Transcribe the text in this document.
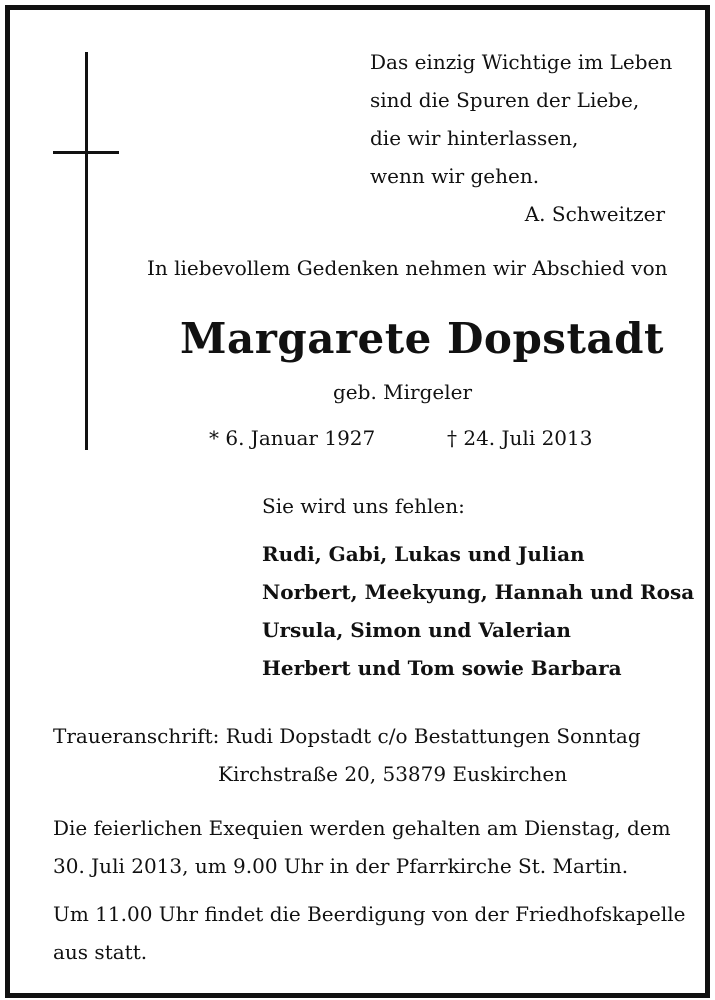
Das einzig Wichtige im Leben
sind die Spuren der Liebe,
die wir hinterlassen,
wenn wir gehen.
A. Schweitzer
In liebevollem Gedenken nehmen wir Abschied von
Margarete Dopstadt
geb. Mirgeler
* 6. Januar 1927	† 24. Juli 2013
Sie wird uns fehlen:
Rudi, Gabi, Lukas und Julian
Norbert, Meekyung, Hannah und Rosa
Ursula, Simon und Valerian
Herbert und Tom sowie Barbara
Traueranschrift: Rudi Dopstadt c/o Bestattungen Sonntag
Kirchstraße 20, 53879 Euskirchen
Die feierlichen Exequien werden gehalten am Dienstag, dem
30. Juli 2013, um 9.00 Uhr in der Pfarrkirche St. Martin.
Um 11.00 Uhr findet die Beerdigung von der Friedhofskapelle
aus statt.
